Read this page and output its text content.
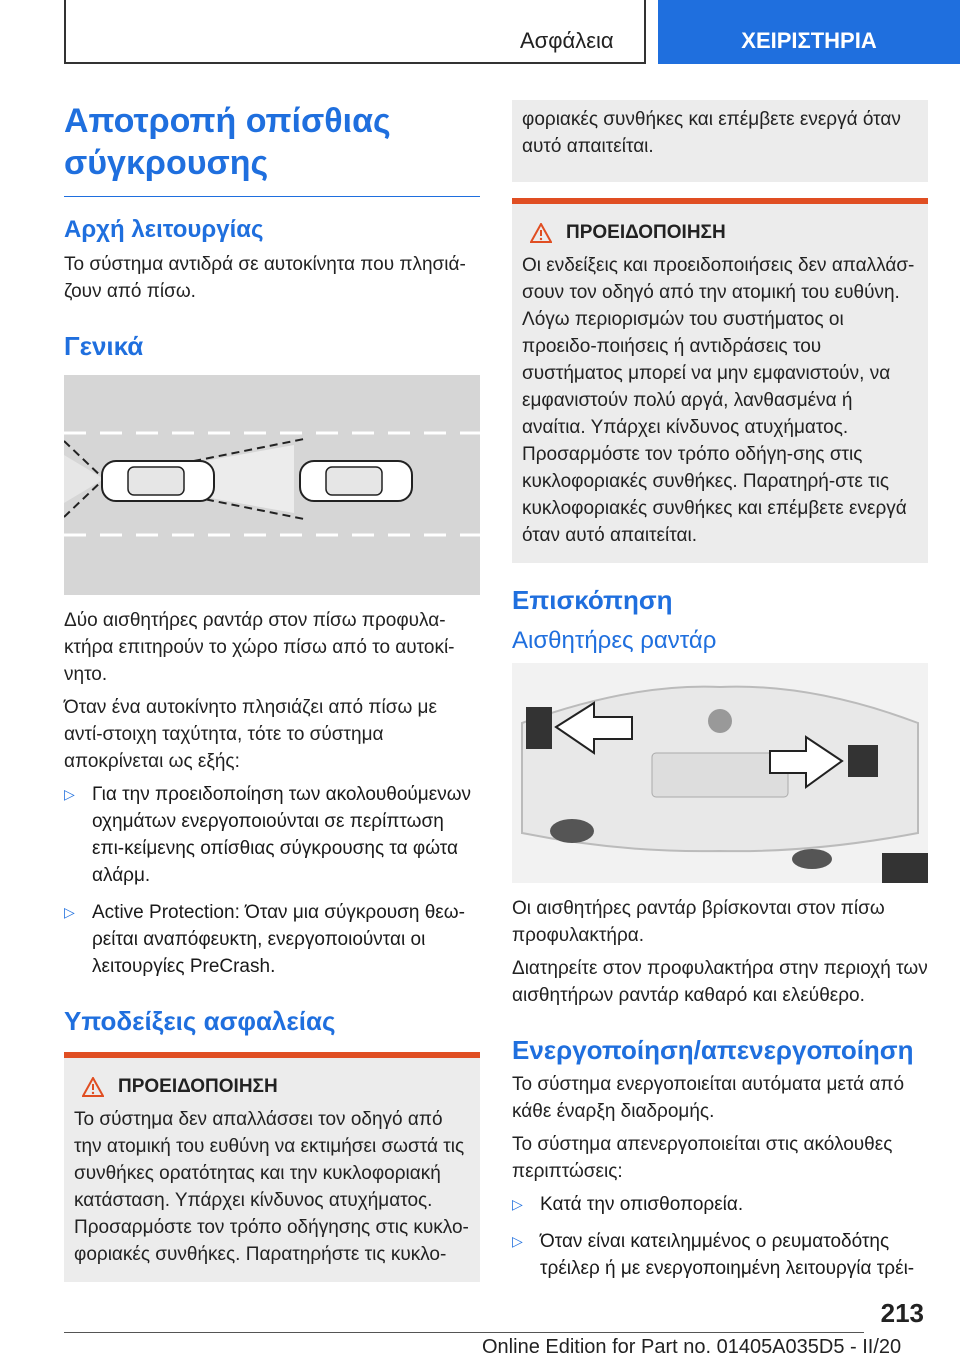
Ασφάλεια	ΧΕΙΡΙΣΤΗΡΙΑ
Αποτροπή οπίσθιας σύγκρουσης
Αρχή λειτουργίας

Το σύστημα αντιδρά σε αυτοκίνητα που πλησιά-ζουν από πίσω.

Γενικά

Δύο αισθητήρες ραντάρ στον πίσω προφυλα-κτήρα επιτηρούν το χώρο πίσω από το αυτοκί-νητο.

Όταν ένα αυτοκίνητο πλησιάζει από πίσω με αντί-στοιχη ταχύτητα, τότε το σύστημα αποκρίνεται ως εξής:

▷ Για την προειδοποίηση των ακολουθούμενων οχημάτων ενεργοποιούνται σε περίπτωση επι-κείμενης οπίσθιας σύγκρουσης τα φώτα αλάρμ.
▷ Active Protection: Όταν μια σύγκρουση θεω-ρείται αναπόφευκτη, ενεργοποιούνται οι λειτουργίες PreCrash.
Υποδείξεις ασφαλείας
ΠΡΟΕΙΔΟΠΟΙΗΣΗ

Το σύστημα δεν απαλλάσσει τον οδηγό από την ατομική του ευθύνη να εκτιμήσει σωστά τις συνθήκες ορατότητας και την κυκλοφοριακή κατάσταση. Υπάρχει κίνδυνος ατυχήματος. Προσαρμόστε τον τρόπο οδήγησης στις κυκλο-φοριακές συνθήκες. Παρατηρήστε τις κυκλο-

φοριακές συνθήκες και επέμβετε ενεργά όταν αυτό απαιτείται.

ΠΡΟΕΙΔΟΠΟΙΗΣΗ

Οι ενδείξεις και προειδοποιήσεις δεν απαλλάσ-σουν τον οδηγό από την ατομική του ευθύνη. Λόγω περιορισμών του συστήματος οι προειδο-ποιήσεις ή αντιδράσεις του συστήματος μπορεί να μην εμφανιστούν, να εμφανιστούν πολύ αργά, λανθασμένα ή αναίτια. Υπάρχει κίνδυνος ατυχήματος. Προσαρμόστε τον τρόπο οδήγη-σης στις κυκλοφοριακές συνθήκες. Παρατηρή-στε τις κυκλοφοριακές συνθήκες και επέμβετε ενεργά όταν αυτό απαιτείται.

Επισκόπηση
Αισθητήρες ραντάρ

Οι αισθητήρες ραντάρ βρίσκονται στον πίσω προφυλακτήρα.

Διατηρείτε στον προφυλακτήρα στην περιοχή των αισθητήρων ραντάρ καθαρό και ελεύθερο.

Ενεργοποίηση/απενεργοποίηση

Το σύστημα ενεργοποιείται αυτόματα μετά από κάθε έναρξη διαδρομής.

Το σύστημα απενεργοποιείται στις ακόλουθες περιπτώσεις:

▷ Κατά την οπισθοπορεία.
▷ Όταν είναι κατειλημμένος ο ρευματοδότης τρέιλερ ή με ενεργοποιημένη λειτουργία τρέι-
213
Online Edition for Part no. 01405A035D5 - II/20
